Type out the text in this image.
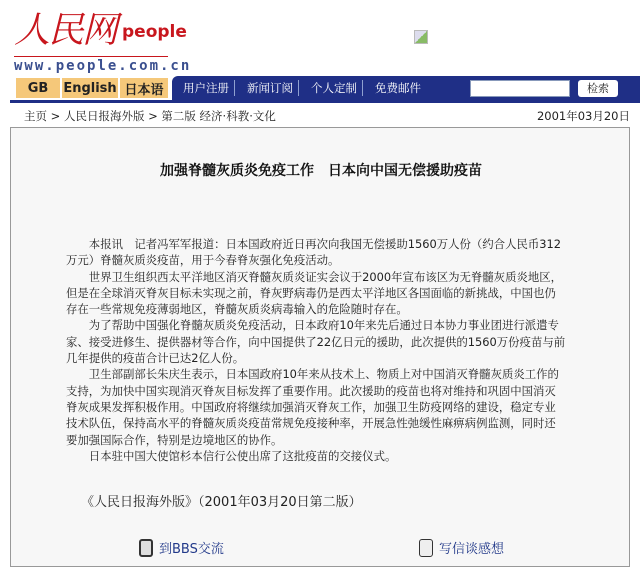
人民网 people
www.people.com.cn
GB	English 日本语	用户注册	新闻订阅	个人定制	免费邮件	检索
主页 > 人民日报海外版 > 第二版 经济·科教·文化	2001年03月20日
加强脊髓灰质炎免疫工作　日本向中国无偿援助疫苗

本报讯　记者冯军军报道：日本国政府近日再次向我国无偿援助1560万人份（约合人民币312万元）脊髓灰质炎疫苗，用于今春脊灰强化免疫活动。

世界卫生组织西太平洋地区消灭脊髓灰质炎证实会议于2000年宣布该区为无脊髓灰质炎地区，但是在全球消灭脊灰目标未实现之前，脊灰野病毒仍是西太平洋地区各国面临的新挑战，中国也仍存在一些常规免疫薄弱地区，脊髓灰质炎病毒输入的危险随时存在。

为了帮助中国强化脊髓灰质炎免疫活动，日本政府10年来先后通过日本协力事业团进行派遣专家、接受进修生、提供器材等合作，向中国提供了22亿日元的援助，此次提供的1560万份疫苗与前几年提供的疫苗合计已达2亿人份。

卫生部副部长朱庆生表示，日本国政府10年来从技术上、物质上对中国消灭脊髓灰质炎工作的支持，为加快中国实现消灭脊灰目标发挥了重要作用。此次援助的疫苗也将对维持和巩固中国消灭脊灰成果发挥积极作用。中国政府将继续加强消灭脊灰工作，加强卫生防疫网络的建设，稳定专业技术队伍，保持高水平的脊髓灰质炎疫苗常规免疫接种率，开展急性弛缓性麻痹病例监测，同时还要加强国际合作，特别是边境地区的协作。

日本驻中国大使馆杉本信行公使出席了这批疫苗的交接仪式。

《人民日报海外版》（2001年03月20日第二版）
到BBS交流	写信谈感想
